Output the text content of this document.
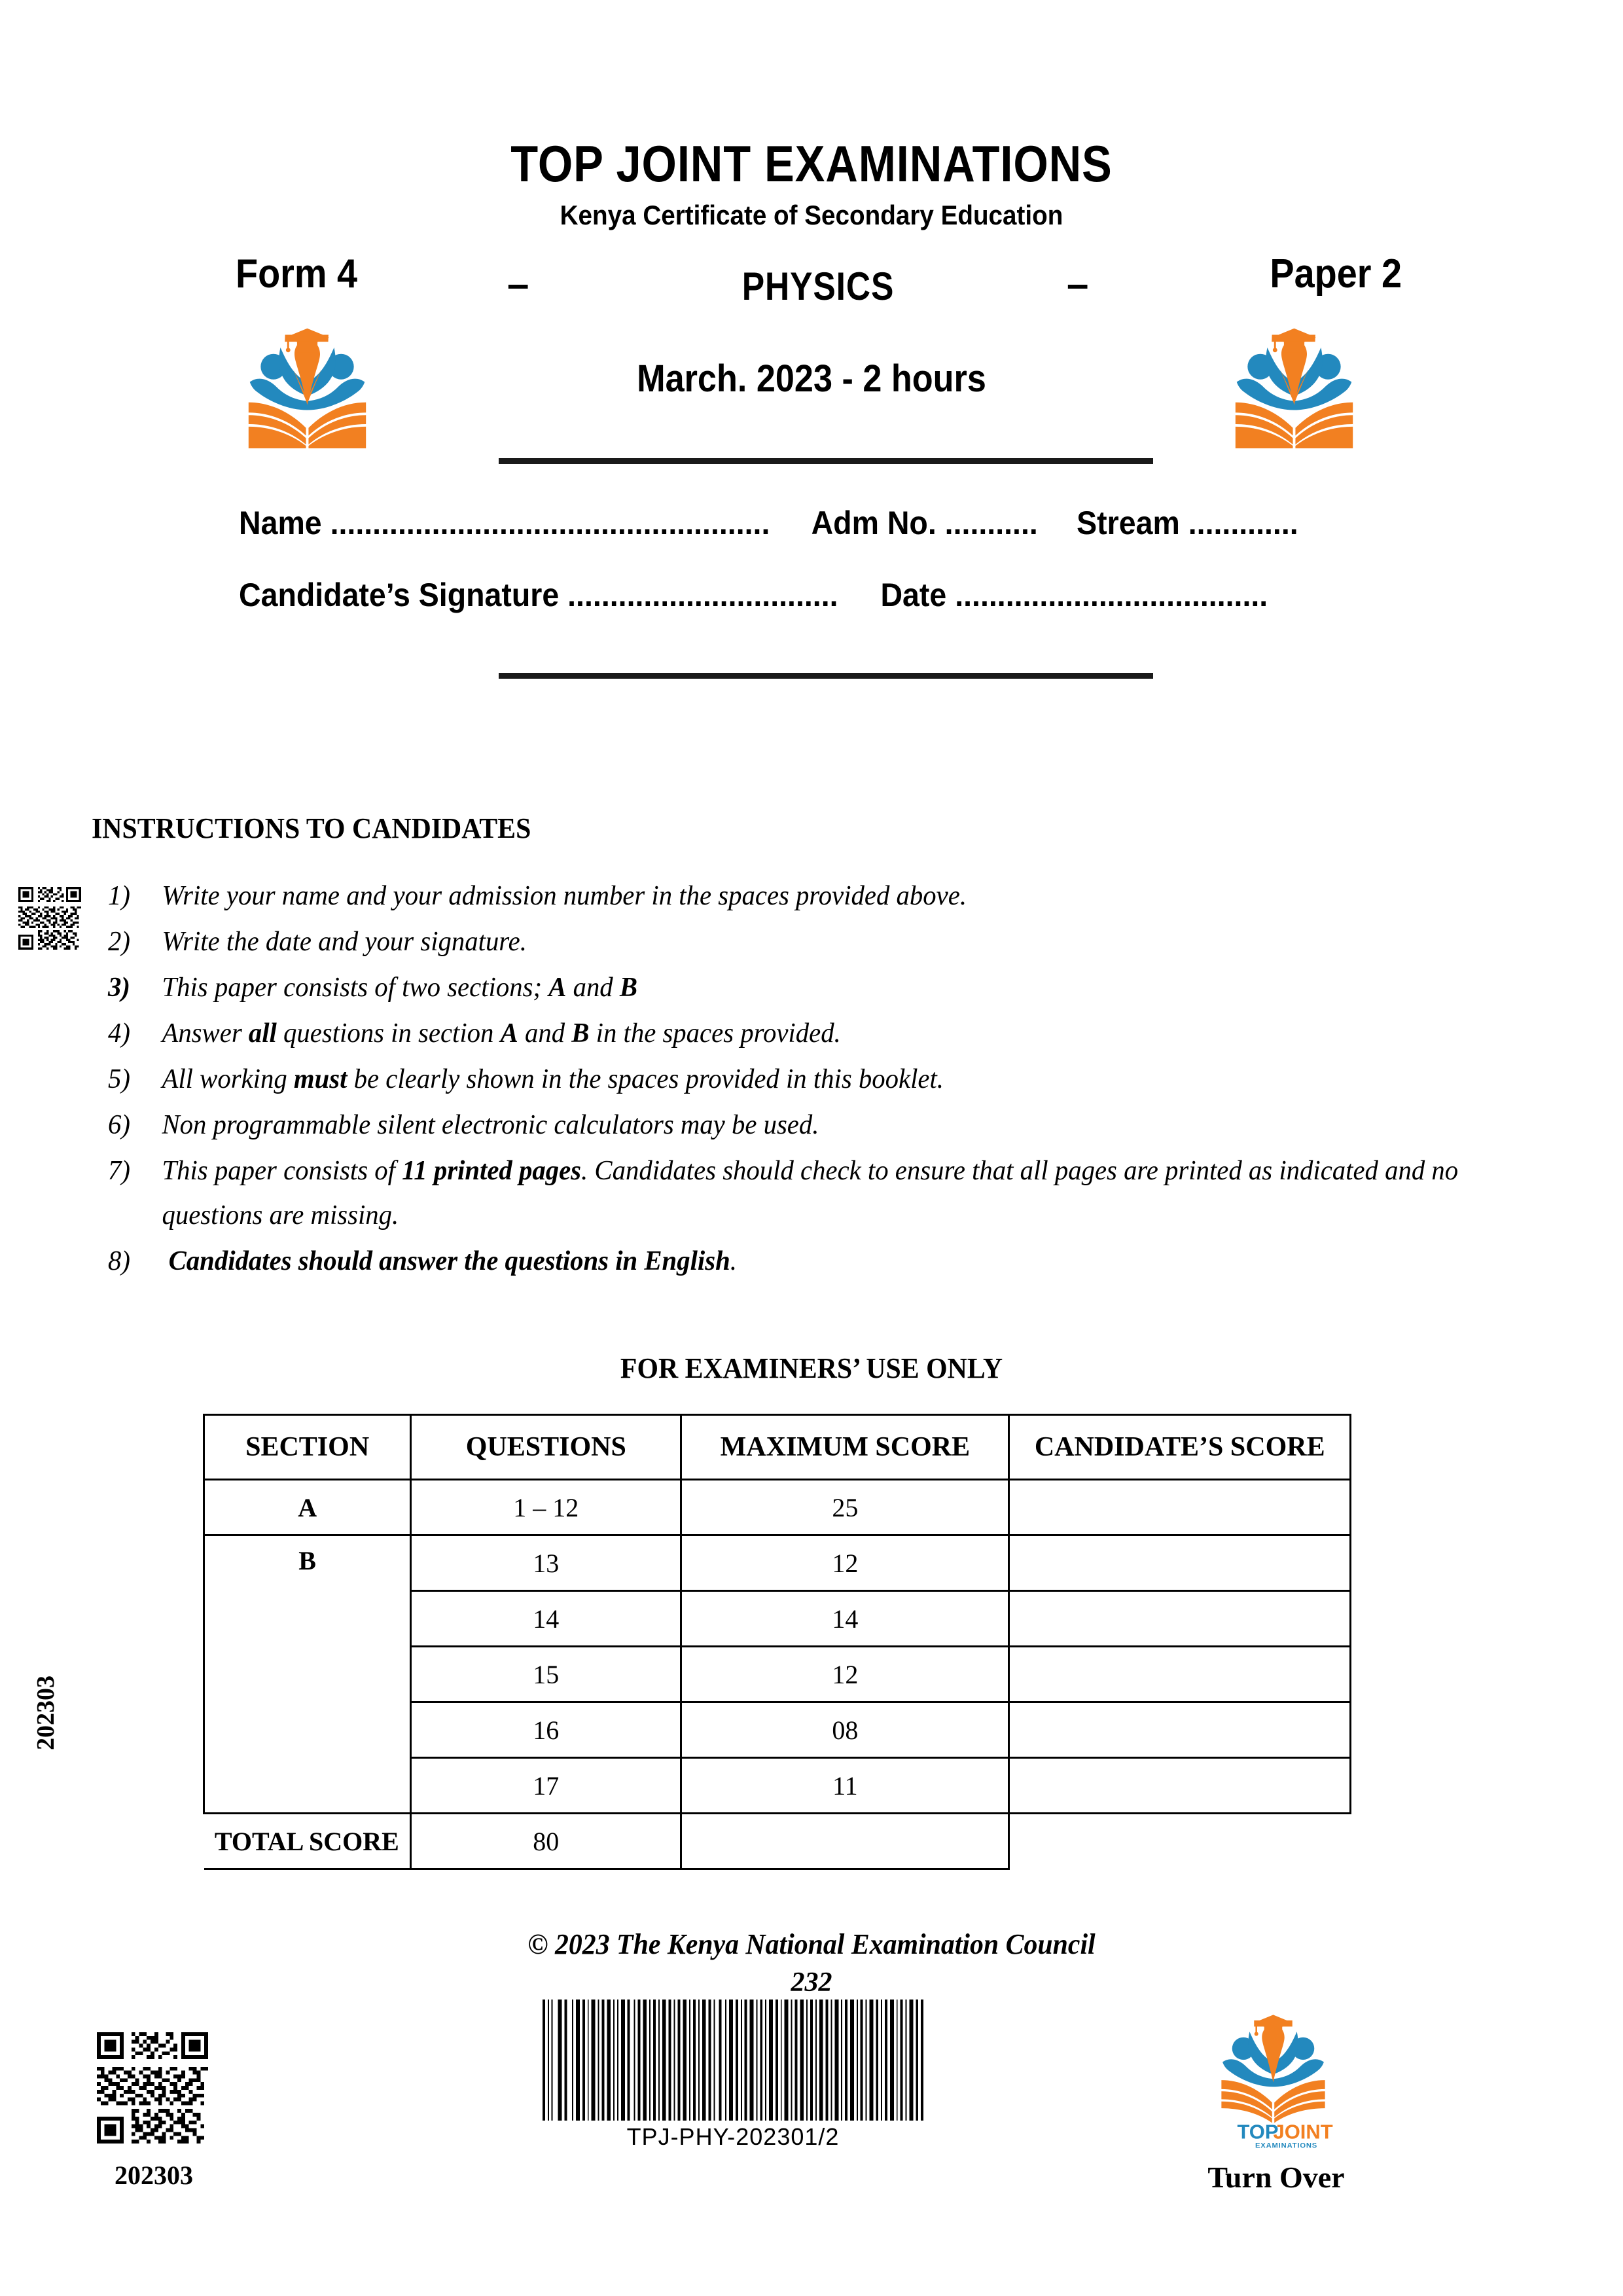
TOP JOINT EXAMINATIONS
Kenya Certificate of Secondary Education
Form 4	–	PHYSICS	–	Paper 2
March. 2023 - 2 hours
Name .................................................... Adm No. ........... Stream .............
Candidate’s Signature ................................ Date .....................................
202303
INSTRUCTIONS TO CANDIDATES
1) Write your name and your admission number in the spaces provided above.
2) Write the date and your signature.
3) This paper consists of two sections; A and B
4) Answer all questions in section A and B in the spaces provided.
5) All working must be clearly shown in the spaces provided in this booklet.
6) Non programmable silent electronic calculators may be used.
7) This paper consists of 11 printed pages. Candidates should check to ensure that all pages are printed as indicated and no questions are missing.
8) Candidates should answer the questions in English.
FOR EXAMINERS’ USE ONLY
SECTION	QUESTIONS	MAXIMUM SCORE	CANDIDATE’S SCORE
A	1 – 12	25	
B	13	12	
	14	14	
	15	12	
	16	08	
	17	11	
TOTAL SCORE	80		
© 2023 The Kenya National Examination Council
232
TPJ-PHY-202301/2
202303
TOP
JOINT
EXAMINATIONS
Turn Over
